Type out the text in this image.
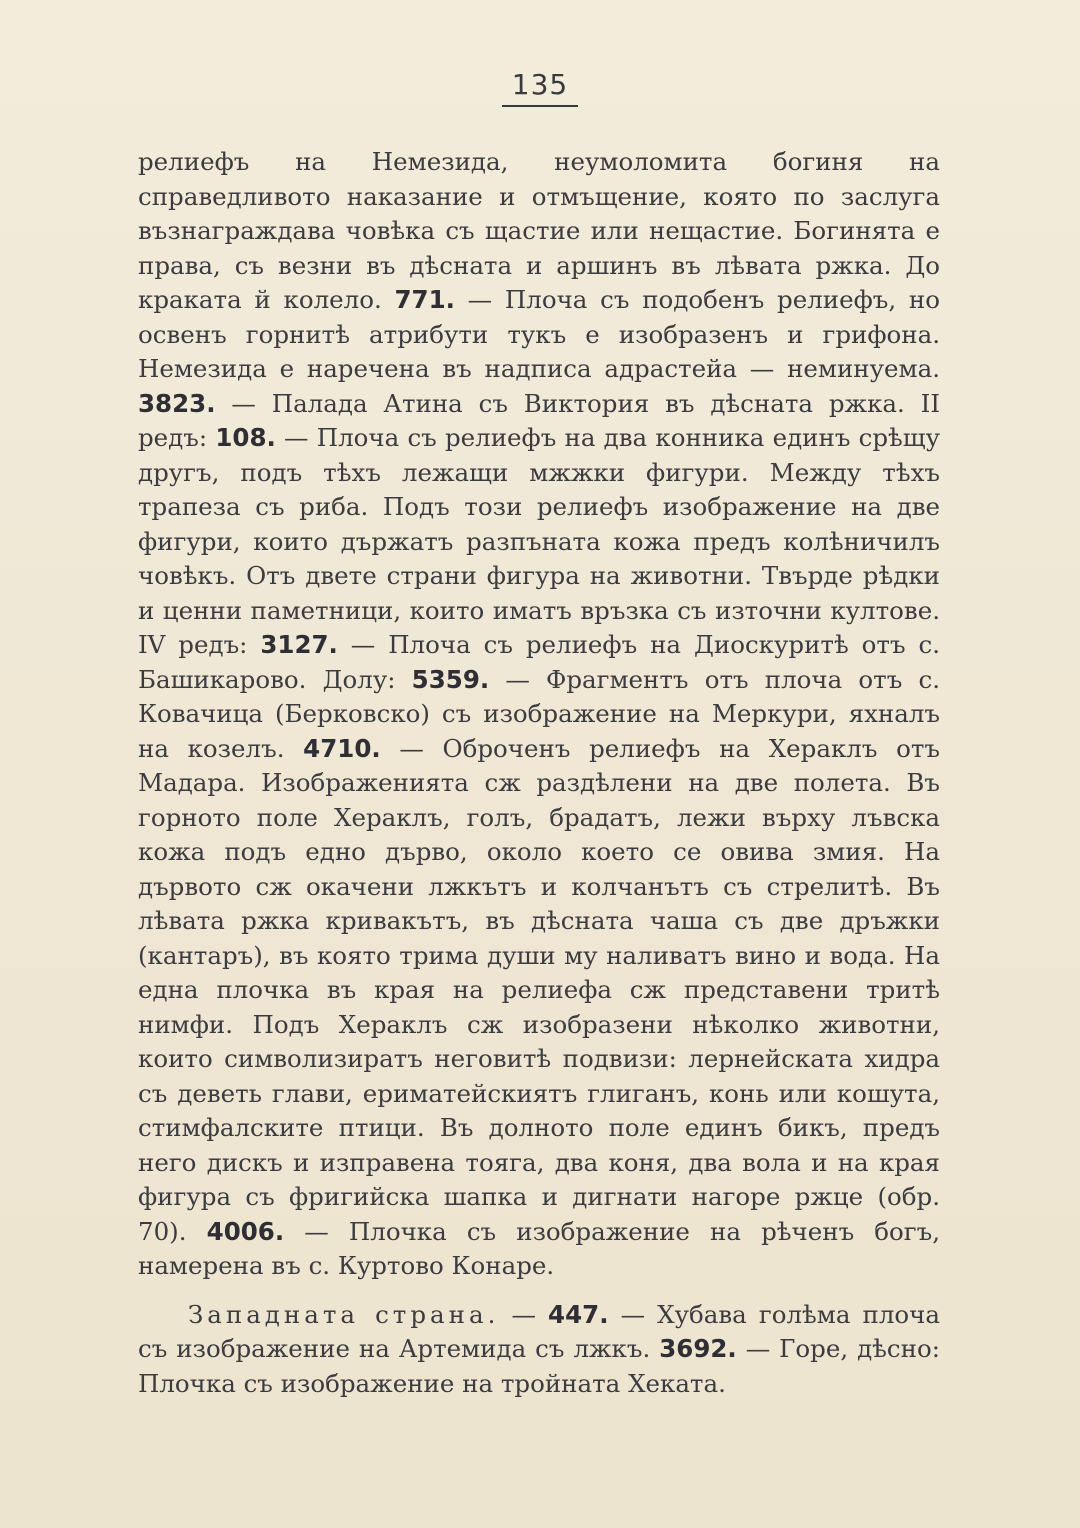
135

релиефъ на Немезида, неумоломита богиня на справедливото наказание и отмъщение, която по заслуга възнаграждава човѣка съ щастие или нещастие. Богинята е права, съ везни въ дѣсната и аршинъ въ лѣвата ржка. До краката й колело. 771. — Плоча съ подобенъ релиефъ, но освенъ горнитѣ атрибути тукъ е изобразенъ и грифона. Немезида е наречена въ надписа адрастейа — неминуема. 3823. — Палада Атина съ Виктория въ дѣсната ржка. II редъ: 108. — Плоча съ релиефъ на два конника единъ срѣщу другъ, подъ тѣхъ лежащи мжжки фигури. Между тѣхъ трапеза съ риба. Подъ този релиефъ изображение на две фигури, които държатъ разпъната кожа предъ колѣничилъ човѣкъ. Отъ двете страни фигура на животни. Твърде рѣдки и ценни паметници, които иматъ връзка съ източни култове. IV редъ: 3127. — Плоча съ релиефъ на Диоскуритѣ отъ с. Башикарово. Долу: 5359. — Фрагментъ отъ плоча отъ с. Ковачица (Берковско) съ изображение на Меркури, яхналъ на козелъ. 4710. — Оброченъ релиефъ на Хераклъ отъ Мадара. Изображенията сж раздѣлени на две полета. Въ горното поле Хераклъ, голъ, брадатъ, лежи върху лъвска кожа подъ едно дърво, около което се овива змия. На дървото сж окачени лжкътъ и колчанътъ съ стрелитѣ. Въ лѣвата ржка кривакътъ, въ дѣсната чаша съ две дръжки (кантаръ), въ която трима души му наливатъ вино и вода. На една плочка въ края на релиефа сж представени тритѣ нимфи. Подъ Хераклъ сж изобразени нѣколко животни, които символизиратъ неговитѣ подвизи: лернейската хидра съ деветь глави, ериматейскиятъ глиганъ, конь или кошута, стимфалските птици. Въ долното поле единъ бикъ, предъ него дискъ и изправена тояга, два коня, два вола и на края фигура съ фригийска шапка и дигнати нагоре ржце (обр. 70). 4006. — Плочка съ изображение на рѣченъ богъ, намерена въ с. Куртово Конаре.

Западната страна. — 447. — Хубава голѣма плоча съ изображение на Артемида съ лжкъ. 3692. — Горе, дѣсно: Плочка съ изображение на тройната Хеката.
